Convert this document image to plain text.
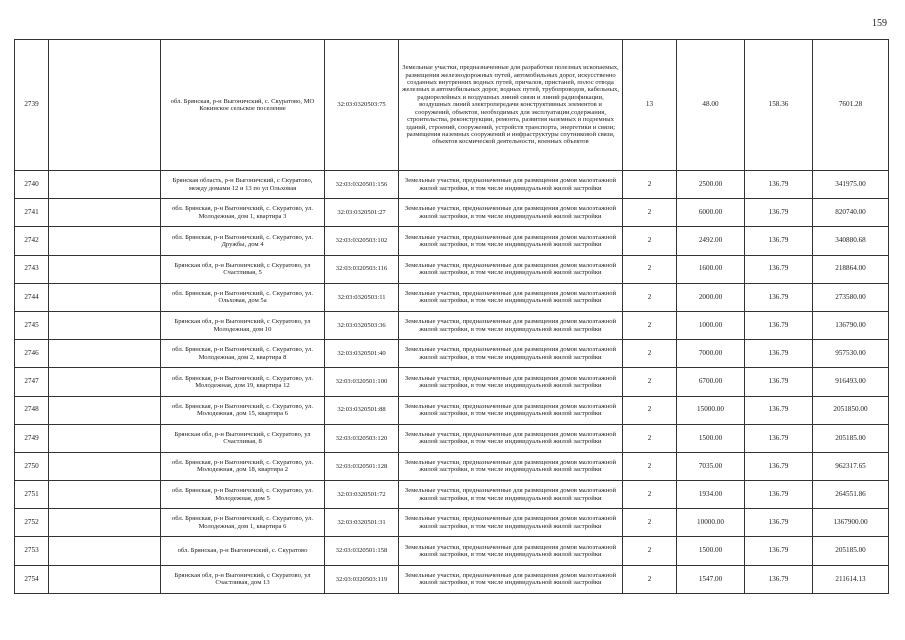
159
2739		обл. Брянская, р-н Выгоничский, с. Скуратово, МО Кокинское сельское поселение	32:03:0320503:75	Земельные участки, предназначенные для разработки полезных ископаемых, размещения железнодорожных путей, автомобильных дорог, искусственно созданных внутренних водных путей, причалов, пристаней, полос отвода железных и автомобильных дорог, водных путей, трубопроводов, кабельных, радиорелейных и воздушных линий связи и линий радиофикации, воздушных линий электропередачи конструктивных элементов и сооружений, объектов, необходимых для эксплуатации,содержания, строительства, реконструкции, ремонта, развития наземных и подземных зданий, строений, сооружений, устройств транспорта, энергетики и связи; размещения наземных сооружений и инфраструктуры спутниковой связи, объектов космической деятельности, военных объектов	13	48.00	158.36	7601.28
2740		Брянская область, р-н Выгоничский, с Скуратово, между домами 12 и 13 по ул Ольховая	32:03:0320501:156	Земельные участки, предназначенные для размещения домов малоэтажной жилой застройки, в том числе индивидуальной жилой застройки	2	2500.00	136.79	341975.00
2741		обл. Брянская, р-н Выгоничский, с. Скуратово, ул. Молодежная, дом 1, квартира 3	32:03:0320501:27	Земельные участки, предназначенные для размещения домов малоэтажной жилой застройки, в том числе индивидуальной жилой застройки	2	6000.00	136.79	820740.00
2742		обл. Брянская, р-н Выгоничский, с. Скуратово, ул. Дружбы, дом 4	32:03:0320503:102	Земельные участки, предназначенные для размещения домов малоэтажной жилой застройки, в том числе индивидуальной жилой застройки	2	2492.00	136.79	340880.68
2743		Брянская обл, р-н Выгоничский, с Скуратово, ул Счастливая, 5	32:03:0320503:116	Земельные участки, предназначенные для размещения домов малоэтажной жилой застройки, в том числе индивидуальной жилой застройки	2	1600.00	136.79	218864.00
2744		обл. Брянская, р-н Выгоничский, с. Скуратово, ул. Ольховая, дом 5а	32:03:0320503:11	Земельные участки, предназначенные для размещения домов малоэтажной жилой застройки, в том числе индивидуальной жилой застройки	2	2000.00	136.79	273580.00
2745		Брянская обл, р-н Выгоничский, с Скуратово, ул Молодежная, дом 10	32:03:0320503:36	Земельные участки, предназначенные для размещения домов малоэтажной жилой застройки, в том числе индивидуальной жилой застройки	2	1000.00	136.79	136790.00
2746		обл. Брянская, р-н Выгоничский, с. Скуратово, ул. Молодежная, дом 2, квартира 8	32:03:0320501:40	Земельные участки, предназначенные для размещения домов малоэтажной жилой застройки, в том числе индивидуальной жилой застройки	2	7000.00	136.79	957530.00
2747		обл. Брянская, р-н Выгоничский, с. Скуратово, ул. Молодежная, дом 19, квартира 12	32:03:0320501:100	Земельные участки, предназначенные для размещения домов малоэтажной жилой застройки, в том числе индивидуальной жилой застройки	2	6700.00	136.79	916493.00
2748		обл. Брянская, р-н Выгоничский, с. Скуратово, ул. Молодежная, дом 15, квартира 6	32:03:0320501:88	Земельные участки, предназначенные для размещения домов малоэтажной жилой застройки, в том числе индивидуальной жилой застройки	2	15000.00	136.79	2051850.00
2749		Брянская обл, р-н Выгоничский, с Скуратово, ул Счастливая, 8	32:03:0320503:120	Земельные участки, предназначенные для размещения домов малоэтажной жилой застройки, в том числе индивидуальной жилой застройки	2	1500.00	136.79	205185.00
2750		обл. Брянская, р-н Выгоничский, с. Скуратово, ул. Молодежная, дом 18, квартира 2	32:03:0320501:128	Земельные участки, предназначенные для размещения домов малоэтажной жилой застройки, в том числе индивидуальной жилой застройки	2	7035.00	136.79	962317.65
2751		обл. Брянская, р-н Выгоничский, с. Скуратово, ул. Молодежная, дом 5	32:03:0320501:72	Земельные участки, предназначенные для размещения домов малоэтажной жилой застройки, в том числе индивидуальной жилой застройки	2	1934.00	136.79	264551.86
2752		обл. Брянская, р-н Выгоничский, с. Скуратово, ул. Молодежная, дом 1, квартира 6	32:03:0320501:31	Земельные участки, предназначенные для размещения домов малоэтажной жилой застройки, в том числе индивидуальной жилой застройки	2	10000.00	136.79	1367900.00
2753		обл. Брянская, р-н Выгоничский, с. Скуратово	32:03:0320501:158	Земельные участки, предназначенные для размещения домов малоэтажной жилой застройки, в том числе индивидуальной жилой застройки	2	1500.00	136.79	205185.00
2754		Брянская обл, р-н Выгоничский, с Скуратово, ул Счастливая, дом 13	32:03:0320503:119	Земельные участки, предназначенные для размещения домов малоэтажной жилой застройки, в том числе индивидуальной жилой застройки	2	1547.00	136.79	211614.13
